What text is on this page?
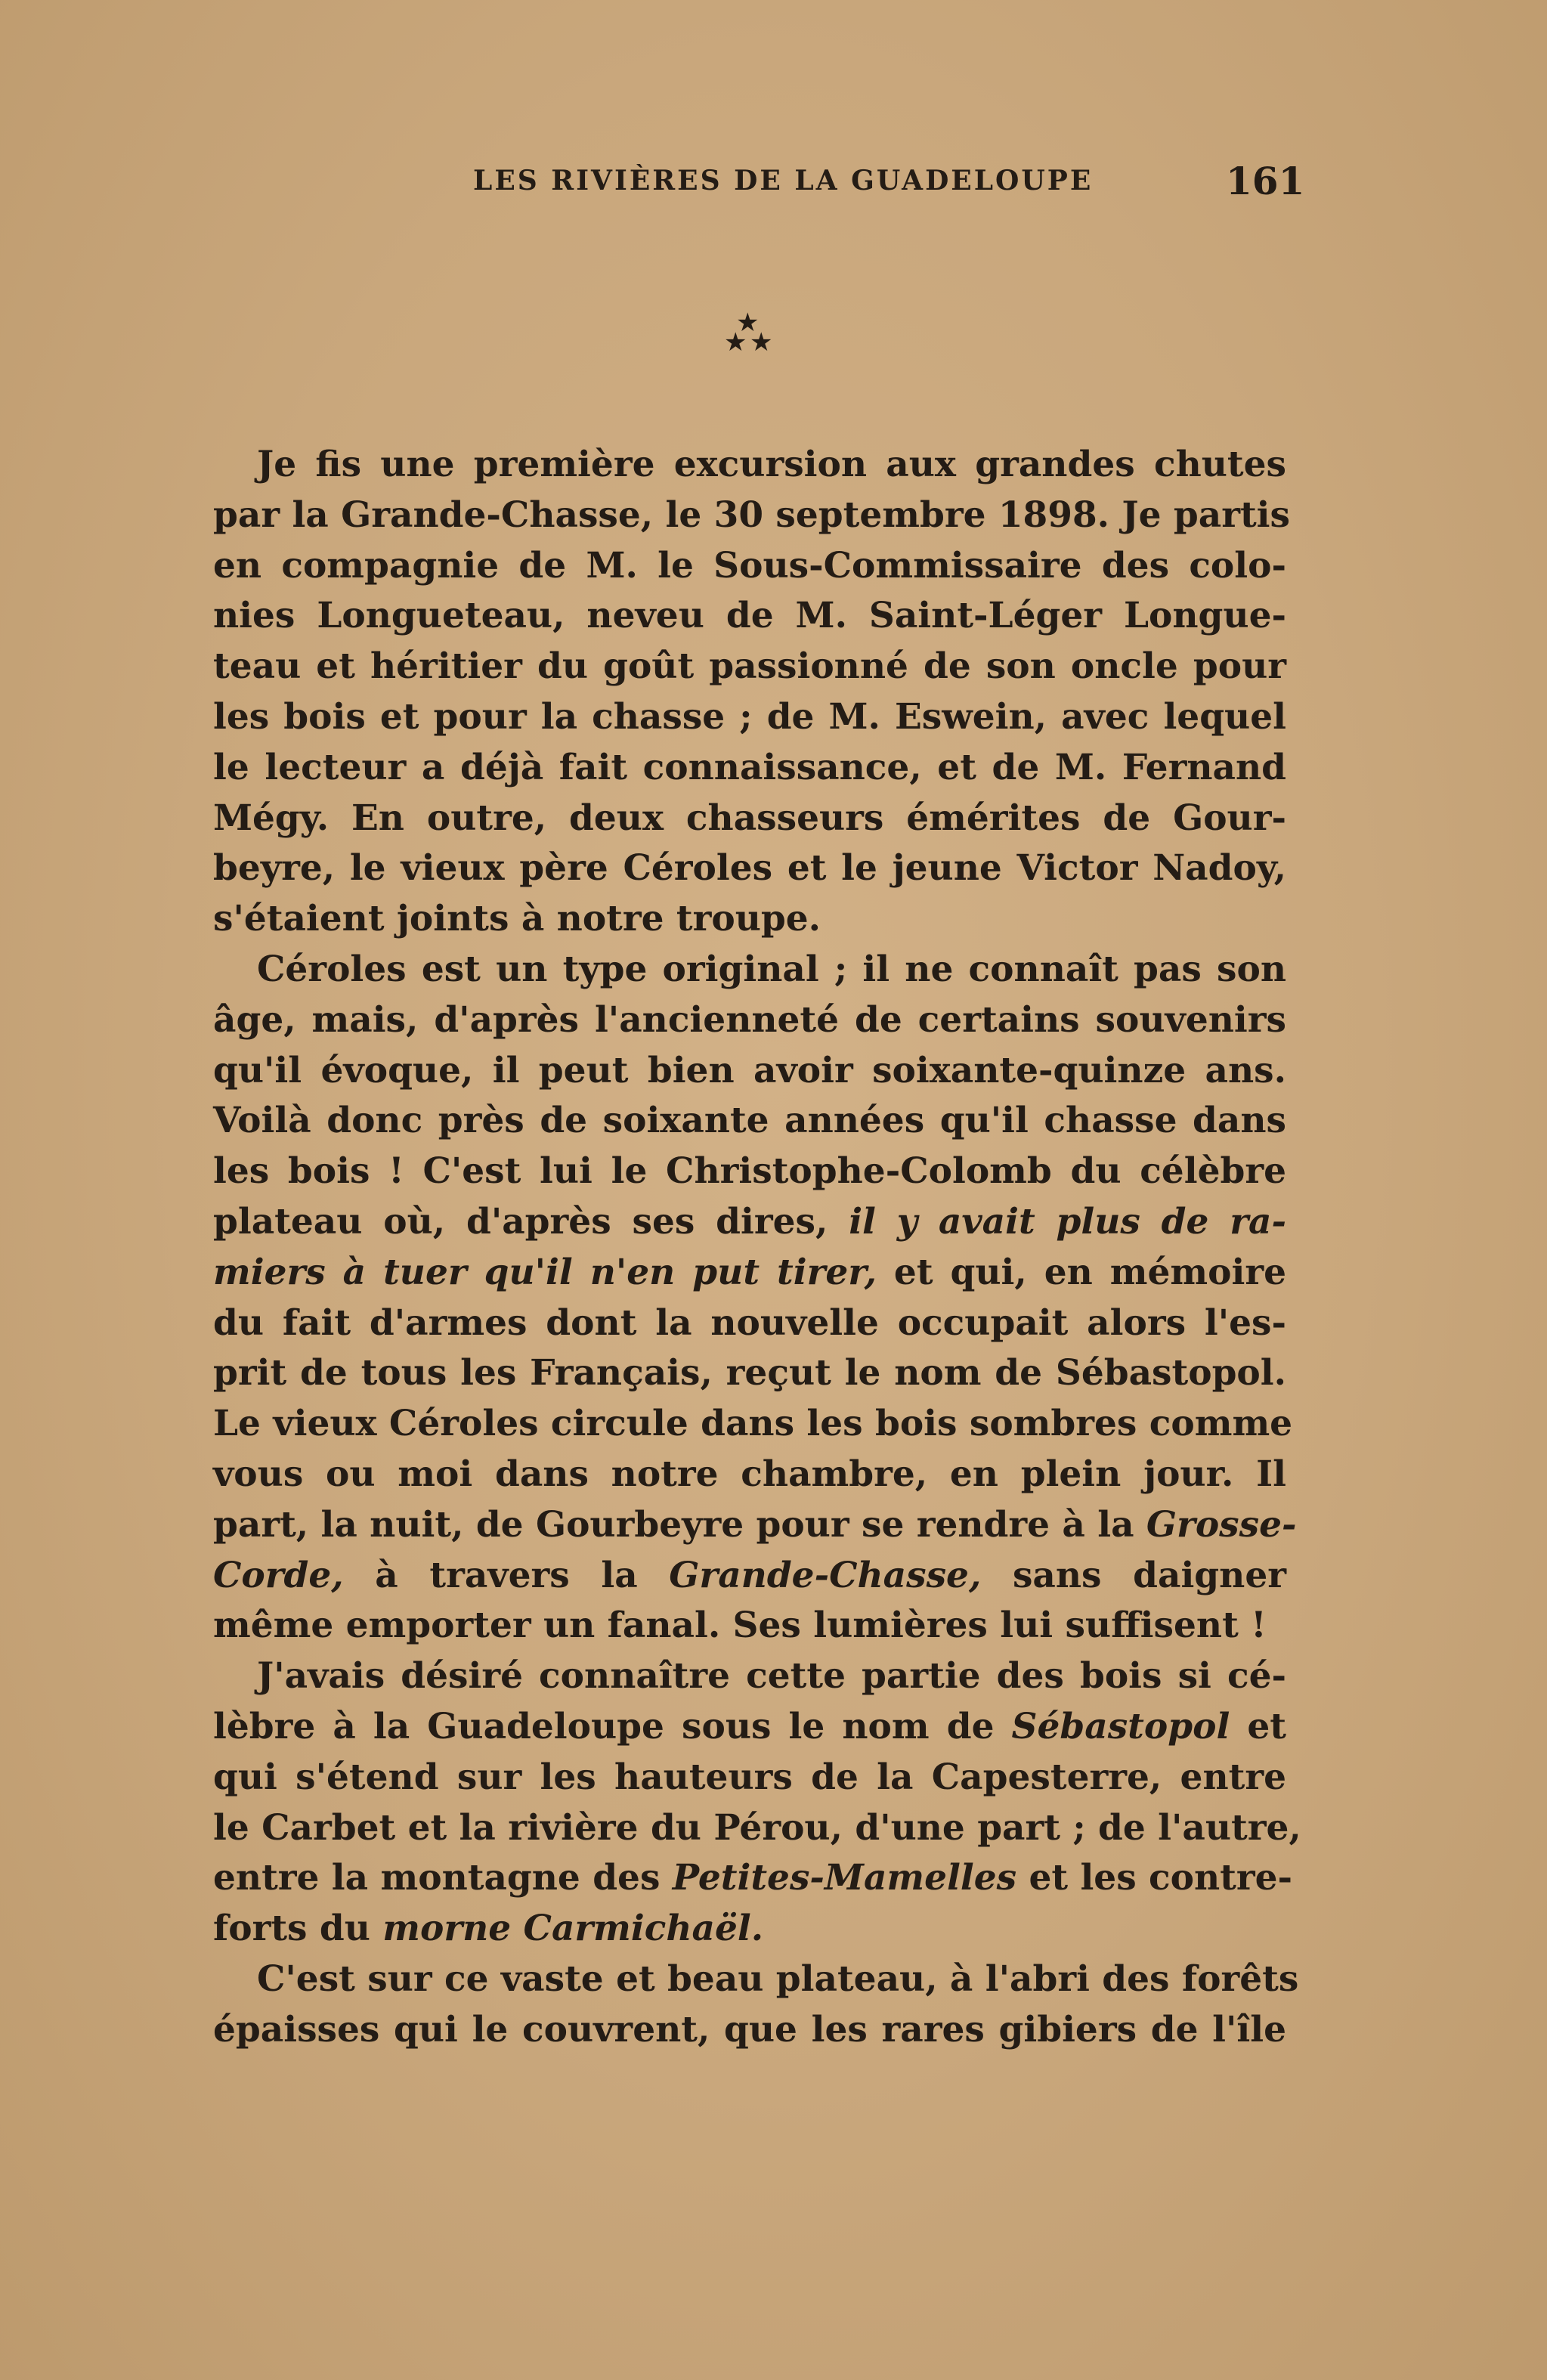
LES RIVIÈRES DE LA GUADELOUPE	161
★
★ ★
Je fis une première excursion aux grandes chutes
par la Grande-Chasse, le 30 septembre 1898. Je partis
en compagnie de M. le Sous-Commissaire des colo-
nies Longueteau, neveu de M. Saint-Léger Longue-
teau et héritier du goût passionné de son oncle pour
les bois et pour la chasse ; de M. Eswein, avec lequel
le lecteur a déjà fait connaissance, et de M. Fernand
Mégy. En outre, deux chasseurs émérites de Gour-
beyre, le vieux père Céroles et le jeune Victor Nadoy,
s'étaient joints à notre troupe.
Céroles est un type original ; il ne connaît pas son
âge, mais, d'après l'ancienneté de certains souvenirs
qu'il évoque, il peut bien avoir soixante-quinze ans.
Voilà donc près de soixante années qu'il chasse dans
les bois ! C'est lui le Christophe-Colomb du célèbre
plateau où, d'après ses dires, il y avait plus de ra-
miers à tuer qu'il n'en put tirer, et qui, en mémoire
du fait d'armes dont la nouvelle occupait alors l'es-
prit de tous les Français, reçut le nom de Sébastopol.
Le vieux Céroles circule dans les bois sombres comme
vous ou moi dans notre chambre, en plein jour. Il
part, la nuit, de Gourbeyre pour se rendre à la Grosse-
Corde, à travers la Grande-Chasse, sans daigner
même emporter un fanal. Ses lumières lui suffisent !
J'avais désiré connaître cette partie des bois si cé-
lèbre à la Guadeloupe sous le nom de Sébastopol et
qui s'étend sur les hauteurs de la Capesterre, entre
le Carbet et la rivière du Pérou, d'une part ; de l'autre,
entre la montagne des Petites-Mamelles et les contre-
forts du morne Carmichaël.
C'est sur ce vaste et beau plateau, à l'abri des forêts
épaisses qui le couvrent, que les rares gibiers de l'île
